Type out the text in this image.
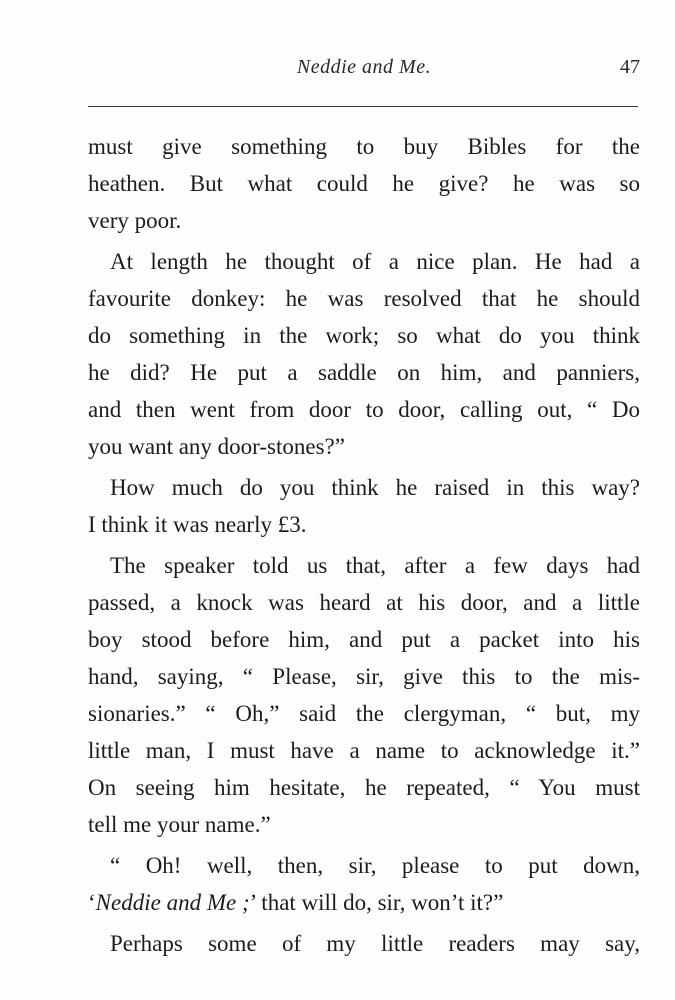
Neddie and Me.	47
must give something to buy Bibles for the
heathen. But what could he give? he was so
very poor.
At length he thought of a nice plan. He had a
favourite donkey: he was resolved that he should
do something in the work; so what do you think
he did? He put a saddle on him, and panniers,
and then went from door to door, calling out, “ Do
you want any door-stones?”
How much do you think he raised in this way?
I think it was nearly £3.
The speaker told us that, after a few days had
passed, a knock was heard at his door, and a little
boy stood before him, and put a packet into his
hand, saying, “ Please, sir, give this to the mis-
sionaries.” “ Oh,” said the clergyman, “ but, my
little man, I must have a name to acknowledge it.”
On seeing him hesitate, he repeated, “ You must
tell me your name.”
“ Oh! well, then, sir, please to put down,
‘Neddie and Me ;’ that will do, sir, won’t it?”
Perhaps some of my little readers may say,
